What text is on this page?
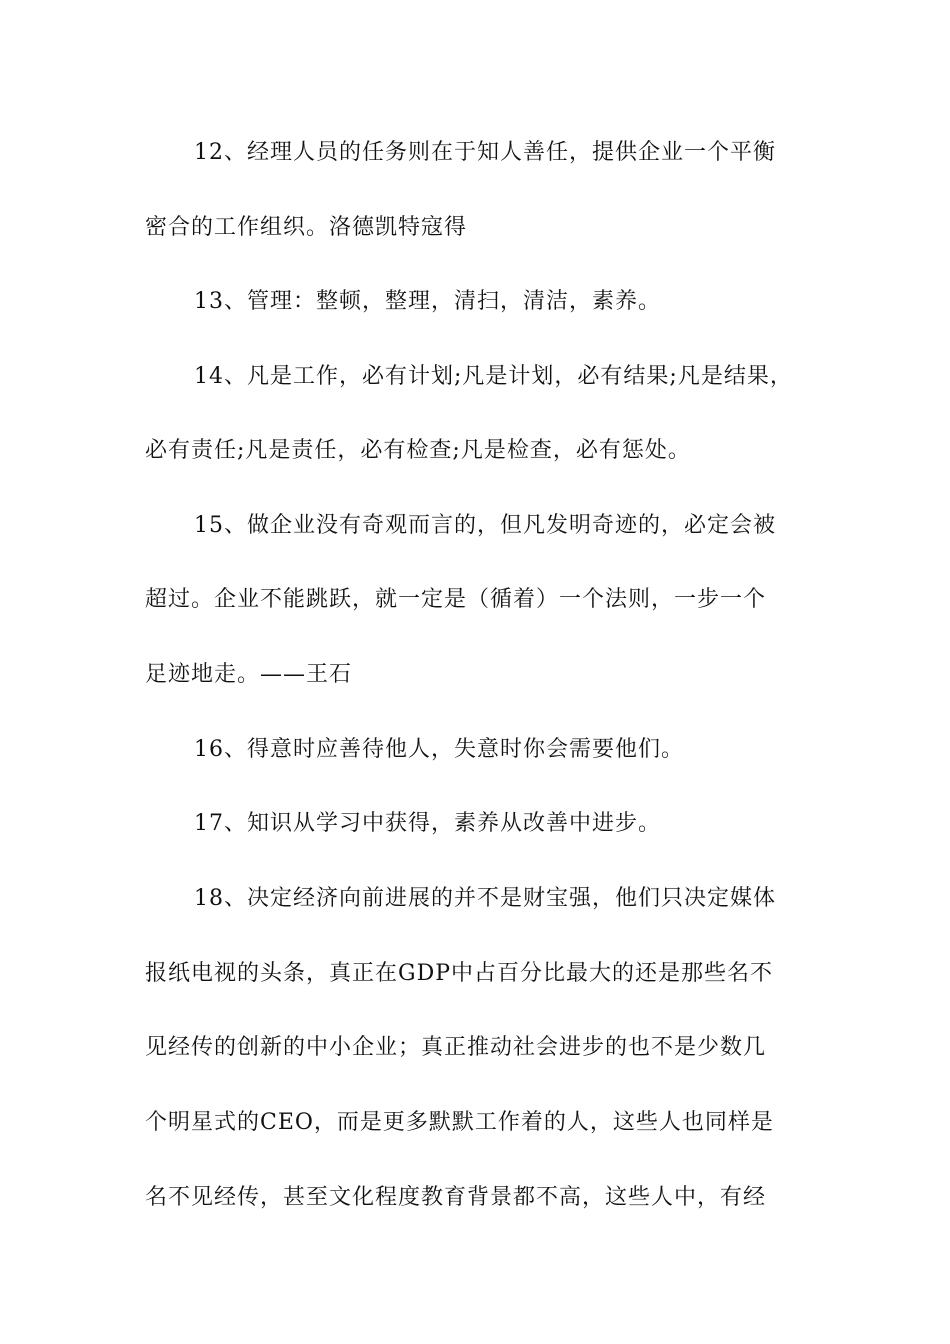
12、经理人员的任务则在于知人善任，提供企业一个平衡
密合的工作组织。洛德凯特寇得
13、管理：整顿，整理，清扫，清洁，素养。
14、凡是工作，必有计划;凡是计划，必有结果;凡是结果，
必有责任;凡是责任，必有检查;凡是检查，必有惩处。
15、做企业没有奇观而言的，但凡发明奇迹的，必定会被
超过。企业不能跳跃，就一定是（循着）一个法则，一步一个
足迹地走。——王石
16、得意时应善待他人，失意时你会需要他们。
17、知识从学习中获得，素养从改善中进步。
18、决定经济向前进展的并不是财宝强，他们只决定媒体
报纸电视的头条，真正在GDP中占百分比最大的还是那些名不
见经传的创新的中小企业；真正推动社会进步的也不是少数几
个明星式的CEO，而是更多默默工作着的人，这些人也同样是
名不见经传，甚至文化程度教育背景都不高，这些人中，有经
